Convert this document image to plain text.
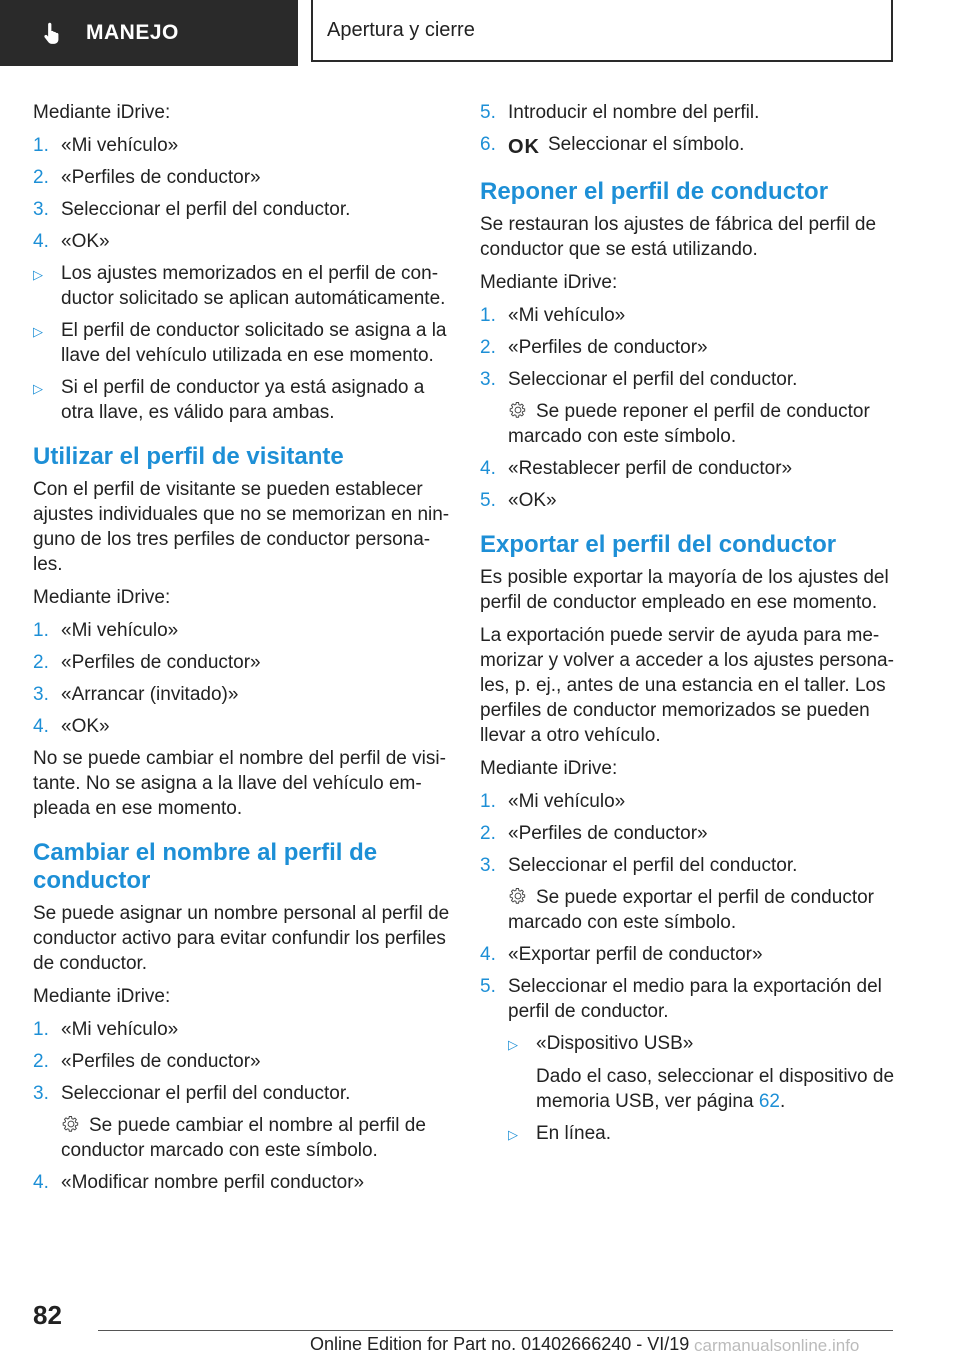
MANEJO	Apertura y cierre

Mediante iDrive:

1. «Mi vehículo»
2. «Perfiles de conductor»
3. Seleccionar el perfil del conductor.
4. «OK»
▷ Los ajustes memorizados en el perfil de con-ductor solicitado se aplican automáticamente.
▷ El perfil de conductor solicitado se asigna a la llave del vehículo utilizada en ese momento.
▷ Si el perfil de conductor ya está asignado a otra llave, es válido para ambas.
Utilizar el perfil de visitante

Con el perfil de visitante se pueden establecer ajustes individuales que no se memorizan en nin-guno de los tres perfiles de conductor persona-les.

Mediante iDrive:

1. «Mi vehículo»
2. «Perfiles de conductor»
3. «Arrancar (invitado)»
4. «OK»

No se puede cambiar el nombre del perfil de visi-tante. No se asigna a la llave del vehículo em-pleada en ese momento.

Cambiar el nombre al perfil de conductor

Se puede asignar un nombre personal al perfil de conductor activo para evitar confundir los perfiles de conductor.

Mediante iDrive:

1. «Mi vehículo»
2. «Perfiles de conductor»
3. Seleccionar el perfil del conductor.
Se puede cambiar el nombre al perfil de conductor marcado con este símbolo.
4. «Modificar nombre perfil conductor»
5. Introducir el nombre del perfil.
6. OK Seleccionar el símbolo.
Reponer el perfil de conductor

Se restauran los ajustes de fábrica del perfil de conductor que se está utilizando.

Mediante iDrive:

1. «Mi vehículo»
2. «Perfiles de conductor»
3. Seleccionar el perfil del conductor.
Se puede reponer el perfil de conductor marcado con este símbolo.
4. «Restablecer perfil de conductor»
5. «OK»
Exportar el perfil del conductor

Es posible exportar la mayoría de los ajustes del perfil de conductor empleado en ese momento.

La exportación puede servir de ayuda para me-morizar y volver a acceder a los ajustes persona-les, p. ej., antes de una estancia en el taller. Los perfiles de conductor memorizados se pueden llevar a otro vehículo.

Mediante iDrive:

1. «Mi vehículo»
2. «Perfiles de conductor»
3. Seleccionar el perfil del conductor.
Se puede exportar el perfil de conductor marcado con este símbolo.
4. «Exportar perfil de conductor»
5. Seleccionar el medio para la exportación del perfil de conductor.
▷ «Dispositivo USB»
Dado el caso, seleccionar el dispositivo de memoria USB, ver página 62.
▷ En línea.
82
Online Edition for Part no. 01402666240 - VI/19 carmanualsonline.info
